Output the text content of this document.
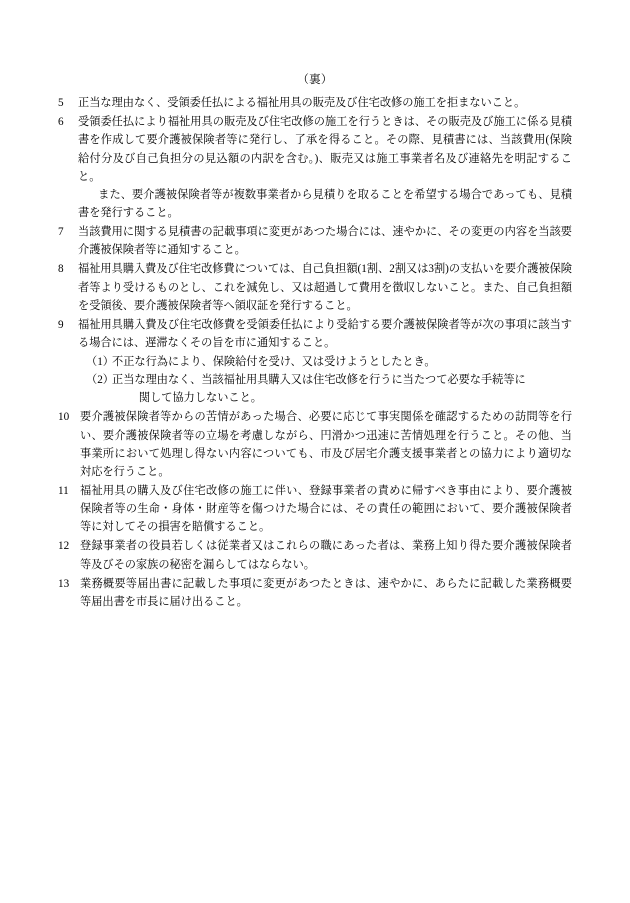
（裏）
5	正当な理由なく、受領委任払による福祉用具の販売及び住宅改修の施工を拒まないこと。

6	受領委任払により福祉用具の販売及び住宅改修の施工を行うときは、その販売及び施工に係る見積書を作成して要介護被保険者等に発行し、了承を得ること。その際、見積書には、当該費用(保険給付分及び自己負担分の見込額の内訳を含む。)、販売又は施工事業者名及び連絡先を明記すること。

また、要介護被保険者等が複数事業者から見積りを取ることを希望する場合であっても、見積書を発行すること。

7	当該費用に関する見積書の記載事項に変更があつた場合には、速やかに、その変更の内容を当該要介護被保険者等に通知すること。

8	福祉用具購入費及び住宅改修費については、自己負担額(1割、2割又は3割)の支払いを要介護被保険者等より受けるものとし、これを減免し、又は超過して費用を徴収しないこと。また、自己負担額を受領後、要介護被保険者等へ領収証を発行すること。

9	福祉用具購入費及び住宅改修費を受領委任払により受給する要介護被保険者等が次の事項に該当する場合には、遅滞なくその旨を市に通知すること。

（1）
不正な行為により、保険給付を受け、又は受けようとしたとき。
（2）
正当な理由なく、当該福祉用具購入又は住宅改修を行うに当たつて必要な手続等に
関して協力しないこと。
10 要介護被保険者等からの苦情があった場合、必要に応じて事実関係を確認するための訪問等を行い、要介護被保険者等の立場を考慮しながら、円滑かつ迅速に苦情処理を行うこと。その他、当事業所において処理し得ない内容についても、市及び居宅介護支援事業者との協力により適切な対応を行うこと。

11	福祉用具の購入及び住宅改修の施工に伴い、登録事業者の責めに帰すべき事由により、要介護被保険者等の生命・身体・財産等を傷つけた場合には、その責任の範囲において、要介護被保険者等に対してその損害を賠償すること。

12 登録事業者の役員若しくは従業者又はこれらの職にあった者は、業務上知り得た要介護被保険者等及びその家族の秘密を漏らしてはならない。

13 業務概要等届出書に記載した事項に変更があつたときは、速やかに、あらたに記載した業務概要等届出書を市長に届け出ること。
